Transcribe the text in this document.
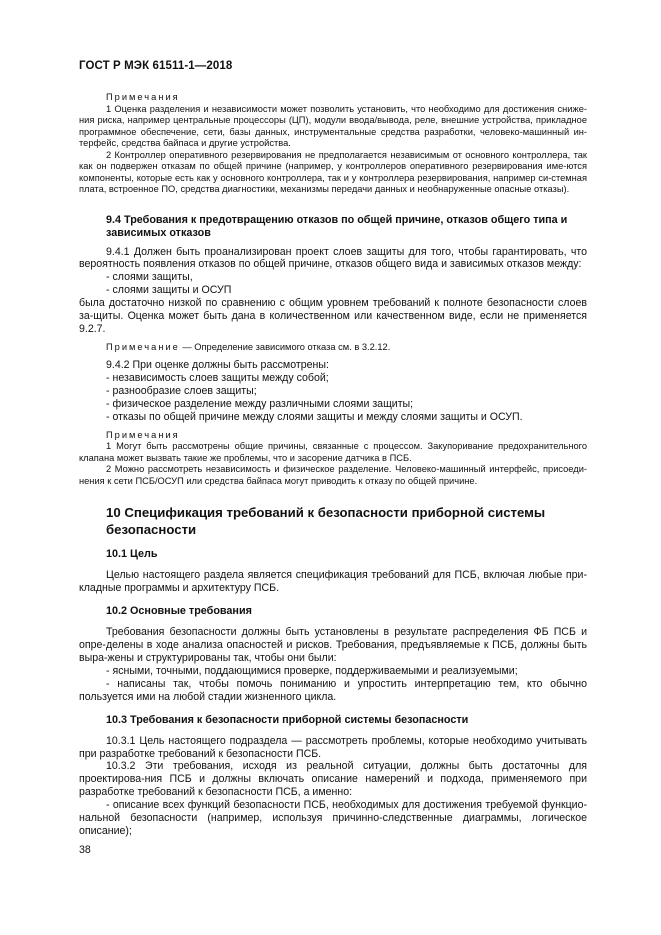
ГОСТ Р МЭК 61511-1—2018

Примечания

1 Оценка разделения и независимости может позволить установить, что необходимо для достижения сниже-ния риска, например центральные процессоры (ЦП), модули ввода/вывода, реле, внешние устройства, прикладное программное обеспечение, сети, базы данных, инструментальные средства разработки, человеко-машинный ин-терфейс, средства байпаса и другие устройства.

2 Контроллер оперативного резервирования не предполагается независимым от основного контроллера, так как он подвержен отказам по общей причине (например, у контроллеров оперативного резервирования име-ются компоненты, которые есть как у основного контроллера, так и у контроллера резервирования, например си-стемная плата, встроенное ПО, средства диагностики, механизмы передачи данных и необнаруженные опасные отказы).

9.4 Требования к предотвращению отказов по общей причине, отказов общего типа и зависимых отказов

9.4.1 Должен быть проанализирован проект слоев защиты для того, чтобы гарантировать, что вероятность появления отказов по общей причине, отказов общего вида и зависимых отказов между:

- слоями защиты,

- слоями защиты и ОСУП

была достаточно низкой по сравнению с общим уровнем требований к полноте безопасности слоев за-щиты. Оценка может быть дана в количественном или качественном виде, если не применяется 9.2.7.

Примечание — Определение зависимого отказа см. в 3.2.12.

9.4.2 При оценке должны быть рассмотрены:

- независимость слоев защиты между собой;

- разнообразие слоев защиты;

- физическое разделение между различными слоями защиты;

- отказы по общей причине между слоями защиты и между слоями защиты и ОСУП.

Примечания

1 Могут быть рассмотрены общие причины, связанные с процессом. Закупоривание предохранительного клапана может вызвать такие же проблемы, что и засорение датчика в ПСБ.

2 Можно рассмотреть независимость и физическое разделение. Человеко-машинный интерфейс, присоеди-нения к сети ПСБ/ОСУП или средства байпаса могут приводить к отказу по общей причине.

10 Спецификация требований к безопасности приборной системы безопасности

10.1 Цель

Целью настоящего раздела является спецификация требований для ПСБ, включая любые при-кладные программы и архитектуру ПСБ.

10.2 Основные требования

Требования безопасности должны быть установлены в результате распределения ФБ ПСБ и опре-делены в ходе анализа опасностей и рисков. Требования, предъявляемые к ПСБ, должны быть выра-жены и структурированы так, чтобы они были:

- ясными, точными, поддающимися проверке, поддерживаемыми и реализуемыми;

- написаны так, чтобы помочь пониманию и упростить интерпретацию тем, кто обычно пользуется ими на любой стадии жизненного цикла.

10.3 Требования к безопасности приборной системы безопасности

10.3.1 Цель настоящего подраздела — рассмотреть проблемы, которые необходимо учитывать при разработке требований к безопасности ПСБ.

10.3.2 Эти требования, исходя из реальной ситуации, должны быть достаточны для проектирова-ния ПСБ и должны включать описание намерений и подхода, применяемого при разработке требований к безопасности ПСБ, а именно:

- описание всех функций безопасности ПСБ, необходимых для достижения требуемой функцио-нальной безопасности (например, используя причинно-следственные диаграммы, логическое описание);

38
